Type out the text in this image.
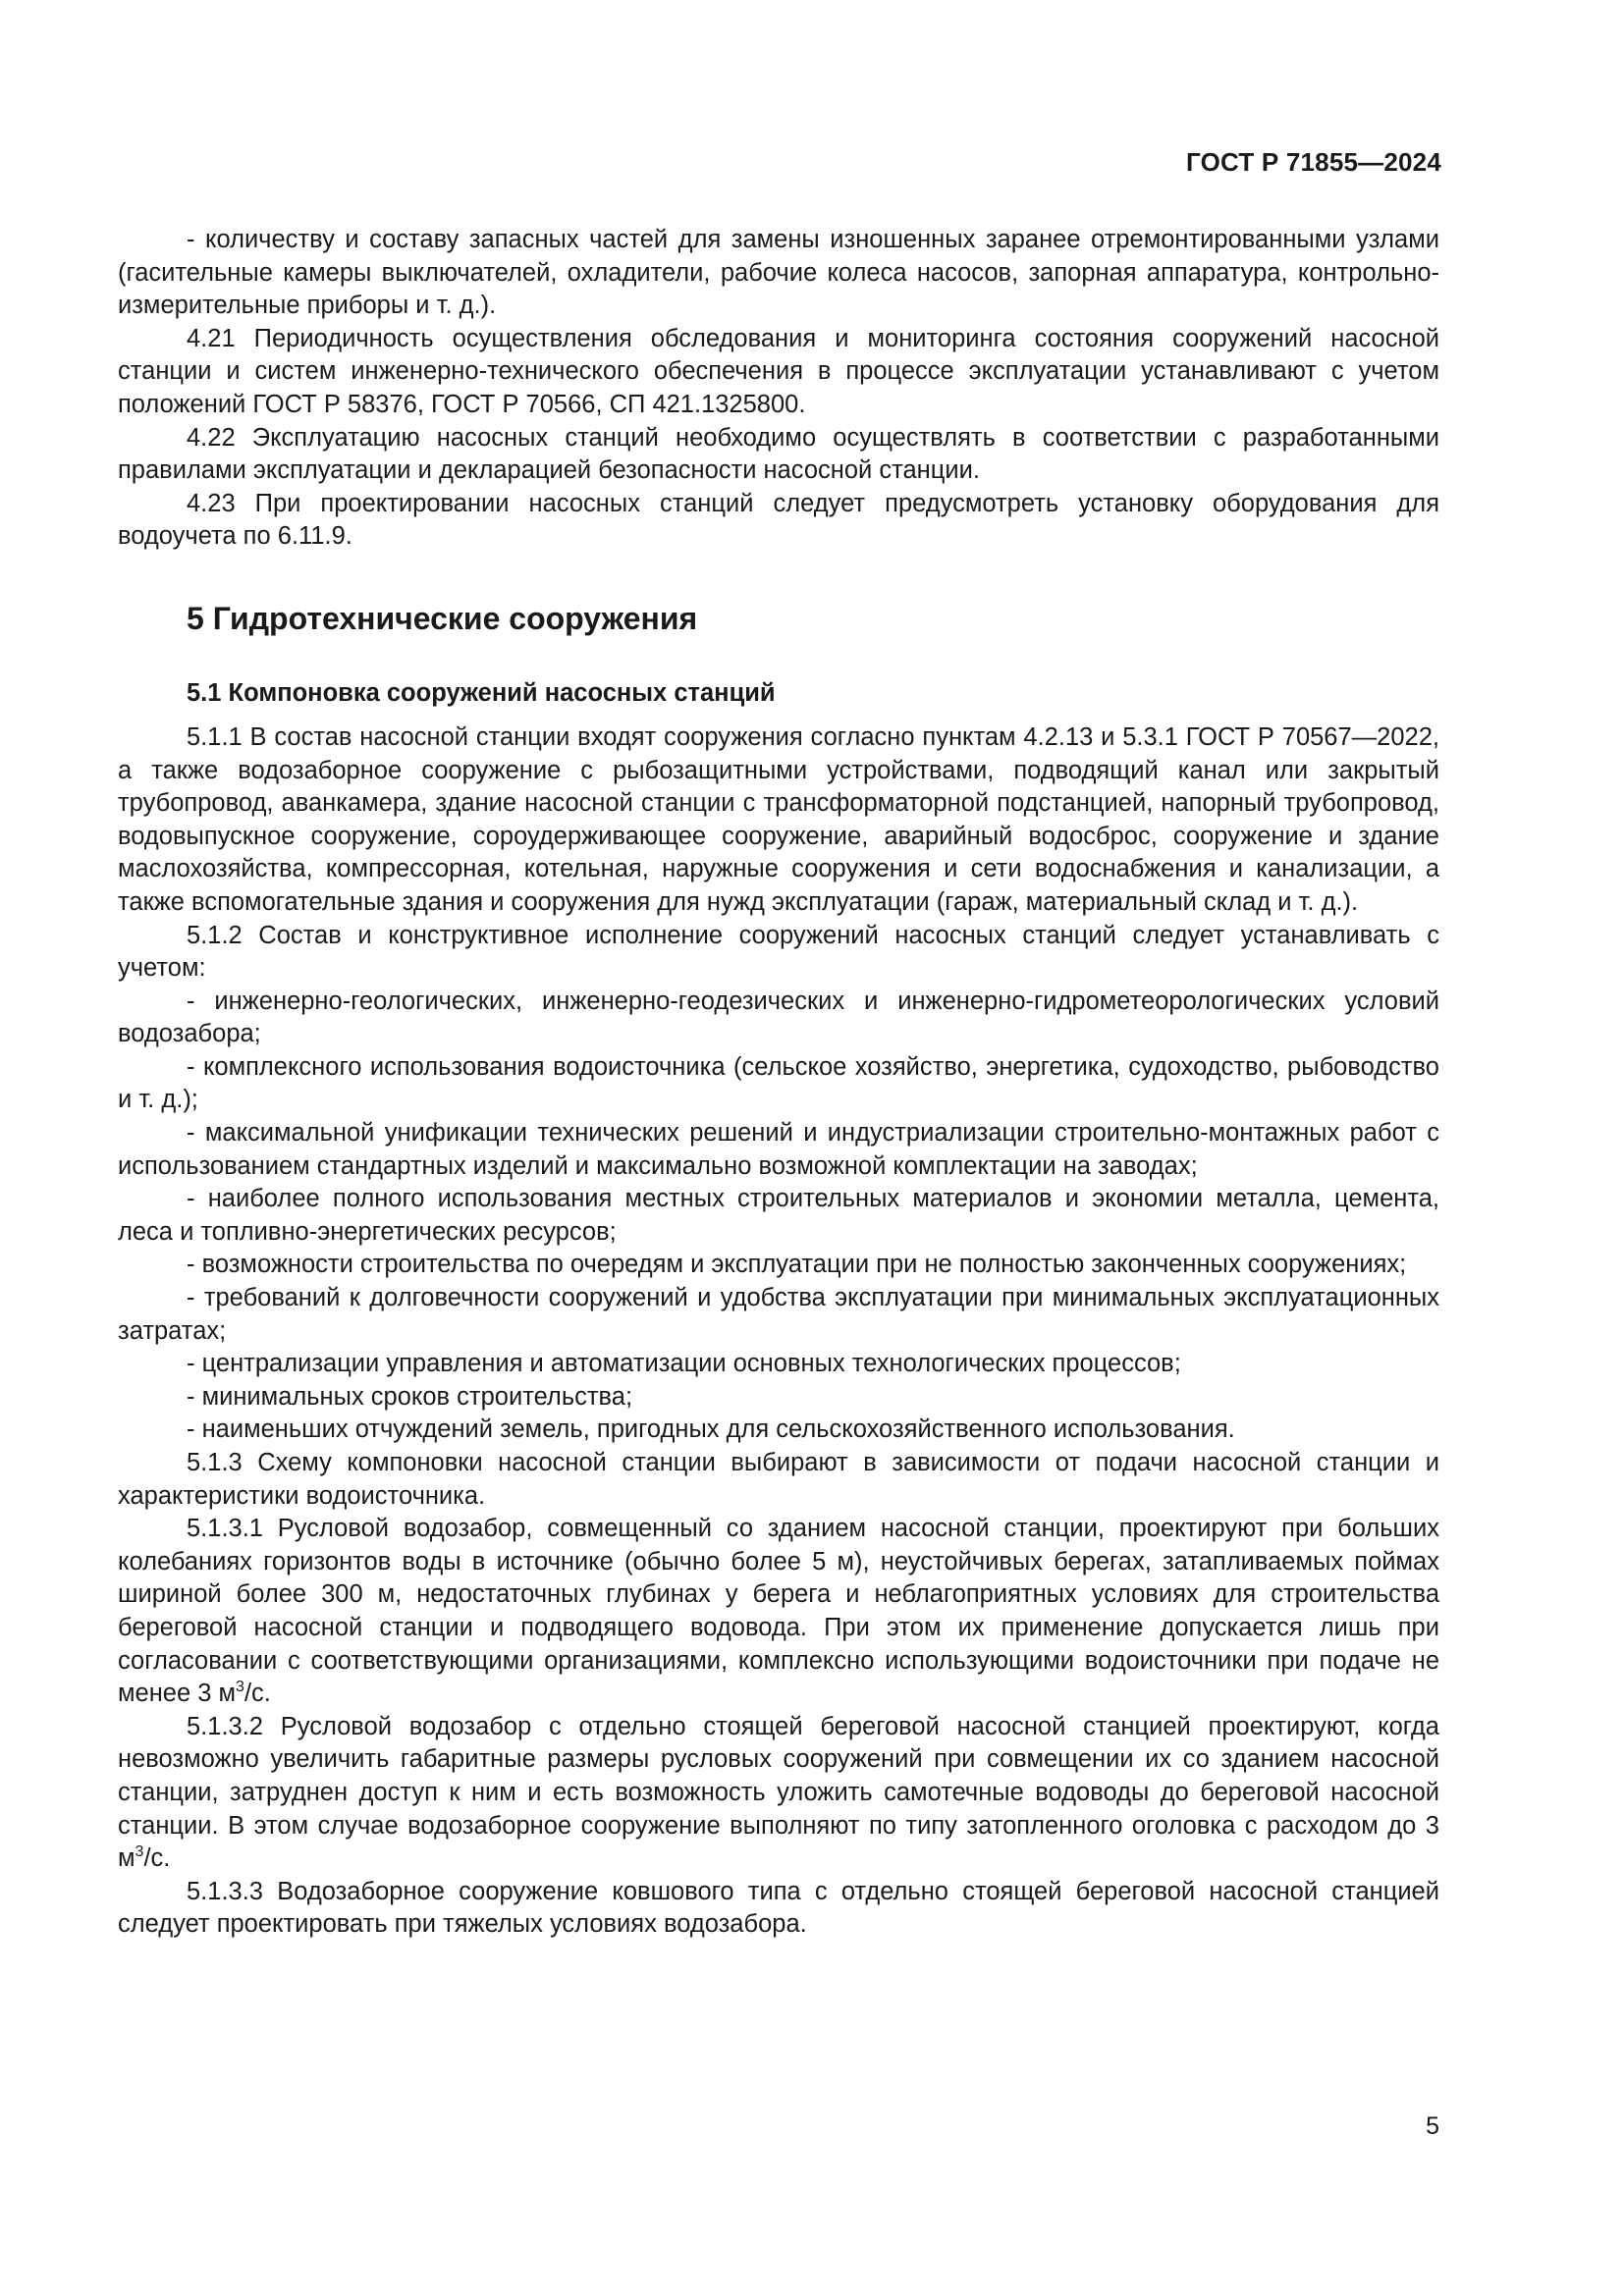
ГОСТ Р 71855—2024

- количеству и составу запасных частей для замены изношенных заранее отремонтированными узлами (гасительные камеры выключателей, охладители, рабочие колеса насосов, запорная аппаратура, контрольно-измерительные приборы и т. д.).

4.21 Периодичность осуществления обследования и мониторинга состояния сооружений насосной станции и систем инженерно-технического обеспечения в процессе эксплуатации устанавливают с учетом положений ГОСТ Р 58376, ГОСТ Р 70566, СП 421.1325800.

4.22 Эксплуатацию насосных станций необходимо осуществлять в соответствии с разработанными правилами эксплуатации и декларацией безопасности насосной станции.

4.23 При проектировании насосных станций следует предусмотреть установку оборудования для водоучета по 6.11.9.

5 Гидротехнические сооружения
5.1 Компоновка сооружений насосных станций

5.1.1 В состав насосной станции входят сооружения согласно пунктам 4.2.13 и 5.3.1 ГОСТ Р 70567—2022, а также водозаборное сооружение с рыбозащитными устройствами, подводящий канал или закрытый трубопровод, аванкамера, здание насосной станции с трансформаторной подстанцией, напорный трубопровод, водовыпускное сооружение, сороудерживающее сооружение, аварийный водосброс, сооружение и здание маслохозяйства, компрессорная, котельная, наружные сооружения и сети водоснабжения и канализации, а также вспомогательные здания и сооружения для нужд эксплуатации (гараж, материальный склад и т. д.).

5.1.2 Состав и конструктивное исполнение сооружений насосных станций следует устанавливать с учетом:

- инженерно-геологических, инженерно-геодезических и инженерно-гидрометеорологических условий водозабора;

- комплексного использования водоисточника (сельское хозяйство, энергетика, судоходство, рыбоводство и т. д.);

- максимальной унификации технических решений и индустриализации строительно-монтажных работ с использованием стандартных изделий и максимально возможной комплектации на заводах;

- наиболее полного использования местных строительных материалов и экономии металла, цемента, леса и топливно-энергетических ресурсов;

- возможности строительства по очередям и эксплуатации при не полностью законченных сооружениях;

- требований к долговечности сооружений и удобства эксплуатации при минимальных эксплуатационных затратах;

- централизации управления и автоматизации основных технологических процессов;

- минимальных сроков строительства;

- наименьших отчуждений земель, пригодных для сельскохозяйственного использования.

5.1.3 Схему компоновки насосной станции выбирают в зависимости от подачи насосной станции и характеристики водоисточника.

5.1.3.1 Русловой водозабор, совмещенный со зданием насосной станции, проектируют при больших колебаниях горизонтов воды в источнике (обычно более 5 м), неустойчивых берегах, затапливаемых поймах шириной более 300 м, недостаточных глубинах у берега и неблагоприятных условиях для строительства береговой насосной станции и подводящего водовода. При этом их применение допускается лишь при согласовании с соответствующими организациями, комплексно использующими водоисточники при подаче не менее 3 $м^3/с$.

5.1.3.2 Русловой водозабор с отдельно стоящей береговой насосной станцией проектируют, когда невозможно увеличить габаритные размеры русловых сооружений при совмещении их со зданием насосной станции, затруднен доступ к ним и есть возможность уложить самотечные водоводы до береговой насосной станции. В этом случае водозаборное сооружение выполняют по типу затопленного оголовка с расходом до 3 $м^3/с$.

5.1.3.3 Водозаборное сооружение ковшового типа с отдельно стоящей береговой насосной станцией следует проектировать при тяжелых условиях водозабора.

5
